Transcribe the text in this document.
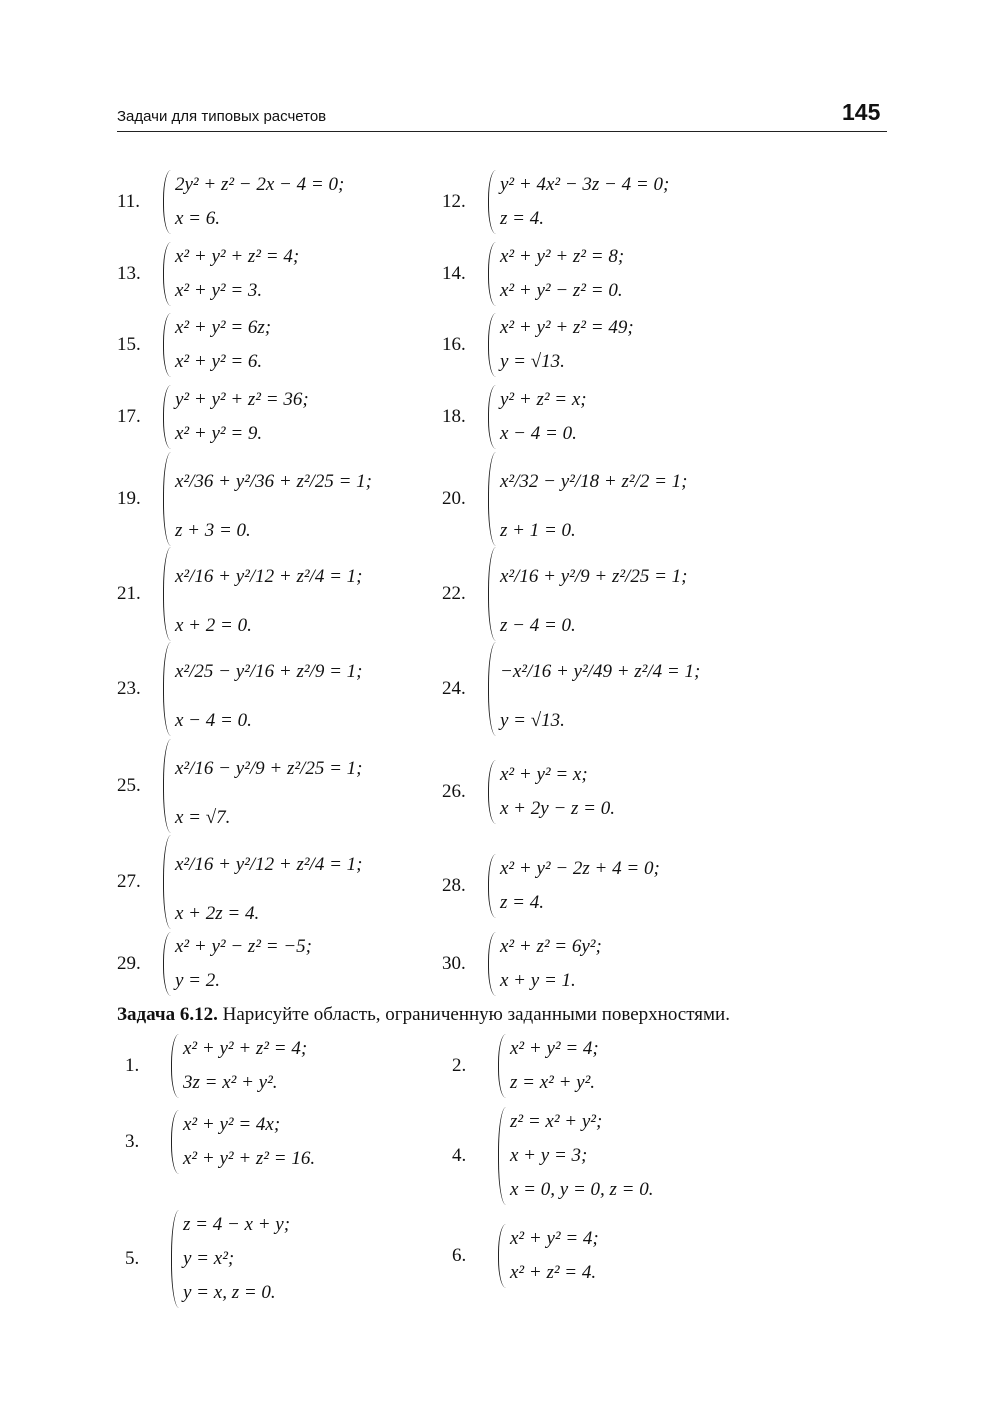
Задачи для типовых расчетов	145
11.
2y² + z² − 2x − 4 = 0;
x = 6.
12.
y² + 4x² − 3z − 4 = 0;
z = 4.
13.
x² + y² + z² = 4;
x² + y² = 3.
14.
x² + y² + z² = 8;
x² + y² − z² = 0.
15.
x² + y² = 6z;
x² + y² = 6.
16.
x² + y² + z² = 49;
y = √13.
17.
y² + y² + z² = 36;
x² + y² = 9.
18.
y² + z² = x;
x − 4 = 0.
19.
x²/36 + y²/36 + z²/25 = 1;
z + 3 = 0.
20.
x²/32 − y²/18 + z²/2 = 1;
z + 1 = 0.
21.
x²/16 + y²/12 + z²/4 = 1;
x + 2 = 0.
22.
x²/16 + y²/9 + z²/25 = 1;
z − 4 = 0.
23.
x²/25 − y²/16 + z²/9 = 1;
x − 4 = 0.
24.
−x²/16 + y²/49 + z²/4 = 1;
y = √13.
25.
x²/16 − y²/9 + z²/25 = 1;
x = √7.
26.
x² + y² = x;
x + 2y − z = 0.
27.
x²/16 + y²/12 + z²/4 = 1;
x + 2z = 4.
28.
x² + y² − 2z + 4 = 0;
z = 4.
29.
x² + y² − z² = −5;
y = 2.
30.
x² + z² = 6y²;
x + y = 1.
Задача 6.12. Нарисуйте область, ограниченную заданными поверхностями.
1.
x² + y² + z² = 4;
3z = x² + y².
2.
x² + y² = 4;
z = x² + y².
3.
x² + y² = 4x;
x² + y² + z² = 16.	4.
z² = x² + y²;
x + y = 3;
x = 0, y = 0, z = 0.
5.
z = 4 − x + y;
y = x²;
y = x, z = 0.
6.
x² + y² = 4;
x² + z² = 4.
